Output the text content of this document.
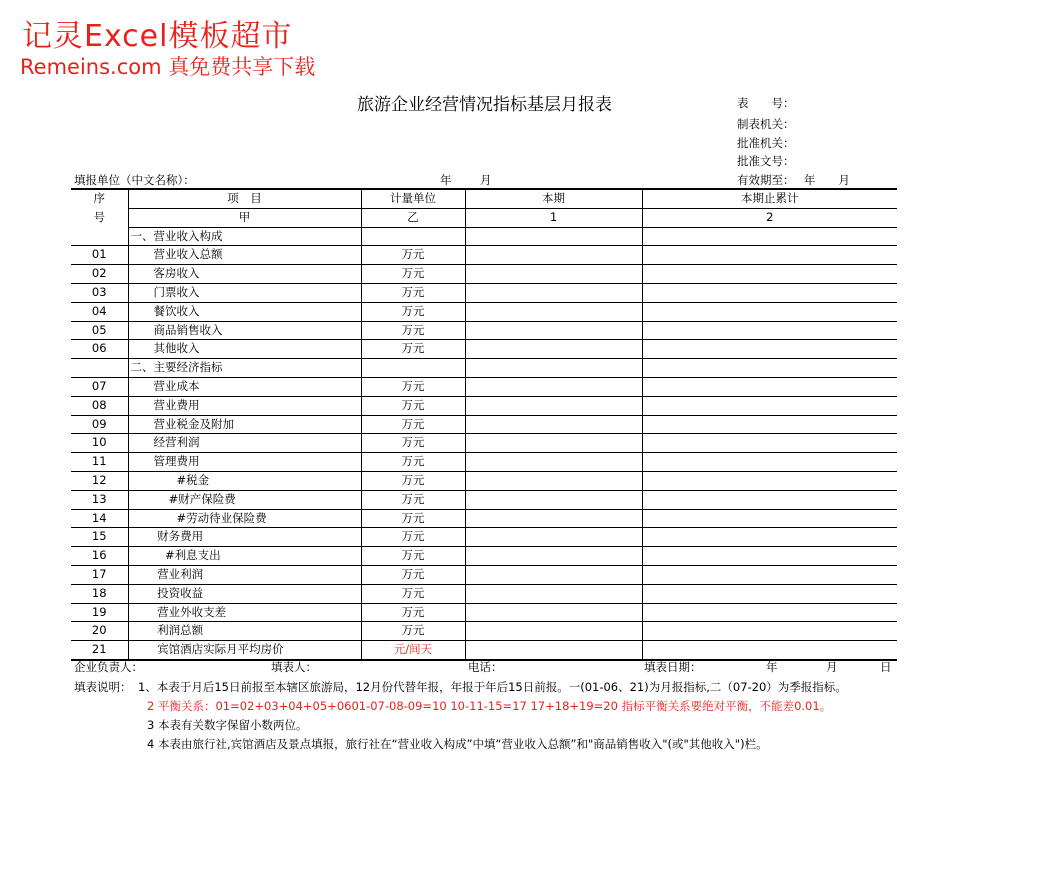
记灵Excel模板超市
Remeins.com 真免费共享下载
旅游企业经营情况指标基层月报表	表　　号：
制表机关：
批准机关：
批准文号：
有效期至：　 年　　月
填报单位（中文名称）：	年 月
序	项　目	计量单位	本期	本期止累计
号	甲	乙	1	2
	一、营业收入构成			
01	　　营业收入总额	万元		
02	　　客房收入	万元		
03	　　门票收入	万元		
04	　　餐饮收入	万元		
05	　　商品销售收入	万元		
06	　　其他收入	万元		
	二、主要经济指标			
07	　　营业成本	万元		
08	　　营业费用	万元		
09	　　营业税金及附加	万元		
10	　　经营利润	万元		
11	　　管理费用	万元		
12	　　　　#税金	万元		
13	　　　 #财产保险费	万元		
14	　　　　#劳动待业保险费	万元		
15	　　 财务费用	万元		
16	　　　#利息支出	万元		
17	　　 营业利润	万元		
18	　　 投资收益	万元		
19	　　 营业外收支差	万元		
20	　　 利润总额	万元		
21	　　 宾馆酒店实际月平均房价	元/间天		
企业负责人：	填表人：	电话：	填表日期：	年	月	日
填表说明： 1、本表于月后15日前报至本辖区旅游局，12月份代替年报，年报于年后15日前报。一(01-06、21)为月报指标,二（07-20）为季报指标。
2 平衡关系：01=02+03+04+05+0601-07-08-09=10 10-11-15=17 17+18+19=20 指标平衡关系要绝对平衡，不能差0.01。
3 本表有关数字保留小数两位。
4 本表由旅行社,宾馆酒店及景点填报，旅行社在“营业收入构成”中填“营业收入总额”和"商品销售收入"(或"其他收入")栏。
